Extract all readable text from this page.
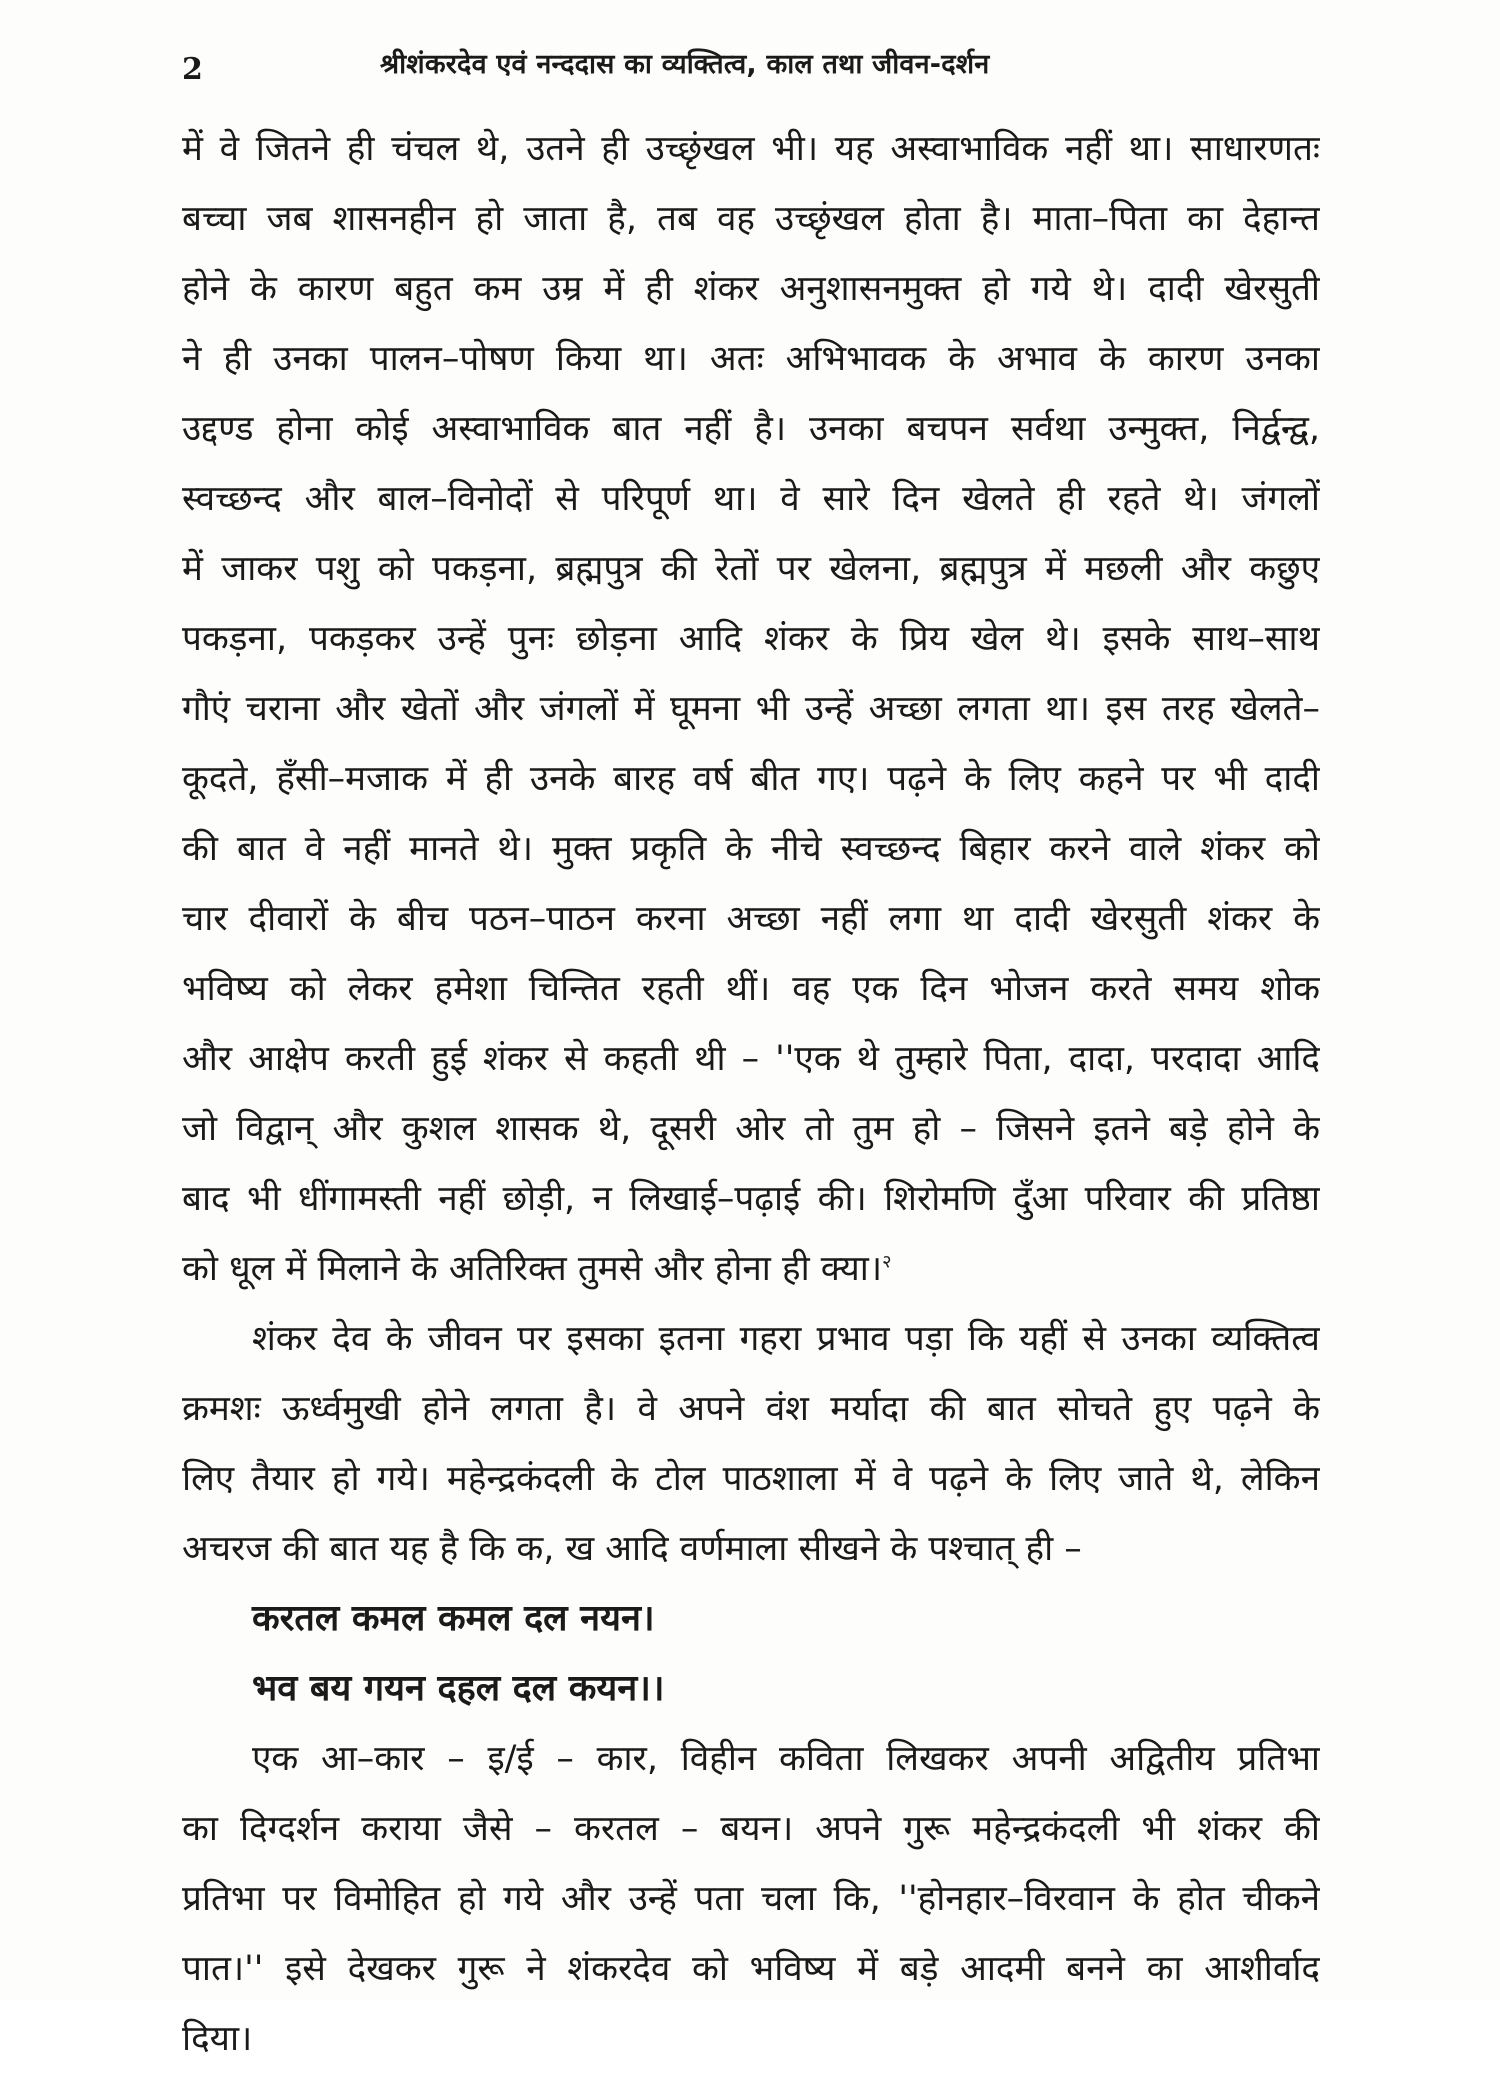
2	श्रीशंकरदेव एवं नन्ददास का व्यक्तित्व, काल तथा जीवन-दर्शन
में वे जितने ही चंचल थे, उतने ही उच्छृंखल भी। यह अस्वाभाविक नहीं था। साधारणतः
बच्चा जब शासनहीन हो जाता है, तब वह उच्छृंखल होता है। माता–पिता का देहान्त
होने के कारण बहुत कम उम्र में ही शंकर अनुशासनमुक्त हो गये थे। दादी खेरसुती
ने ही उनका पालन–पोषण किया था। अतः अभिभावक के अभाव के कारण उनका
उद्दण्ड होना कोई अस्वाभाविक बात नहीं है। उनका बचपन सर्वथा उन्मुक्त, निर्द्वन्द्व,
स्वच्छन्द और बाल–विनोदों से परिपूर्ण था। वे सारे दिन खेलते ही रहते थे। जंगलों
में जाकर पशु को पकड़ना, ब्रह्मपुत्र की रेतों पर खेलना, ब्रह्मपुत्र में मछली और कछुए
पकड़ना, पकड़कर उन्हें पुनः छोड़ना आदि शंकर के प्रिय खेल थे। इसके साथ–साथ
गौएं चराना और खेतों और जंगलों में घूमना भी उन्हें अच्छा लगता था। इस तरह खेलते–
कूदते, हँसी–मजाक में ही उनके बारह वर्ष बीत गए। पढ़ने के लिए कहने पर भी दादी
की बात वे नहीं मानते थे। मुक्त प्रकृति के नीचे स्वच्छन्द बिहार करने वाले शंकर को
चार दीवारों के बीच पठन–पाठन करना अच्छा नहीं लगा था दादी खेरसुती शंकर के
भविष्य को लेकर हमेशा चिन्तित रहती थीं। वह एक दिन भोजन करते समय शोक
और आक्षेप करती हुई शंकर से कहती थी – ''एक थे तुम्हारे पिता, दादा, परदादा आदि
जो विद्वान् और कुशल शासक थे, दूसरी ओर तो तुम हो – जिसने इतने बड़े होने के
बाद भी धींगामस्ती नहीं छोड़ी, न लिखाई–पढ़ाई की। शिरोमणि दुँआ परिवार की प्रतिष्ठा
को धूल में मिलाने के अतिरिक्त तुमसे और होना ही क्या।$^२$
शंकर देव के जीवन पर इसका इतना गहरा प्रभाव पड़ा कि यहीं से उनका व्यक्तित्व
क्रमशः ऊर्ध्वमुखी होने लगता है। वे अपने वंश मर्यादा की बात सोचते हुए पढ़ने के
लिए तैयार हो गये। महेन्द्रकंदली के टोल पाठशाला में वे पढ़ने के लिए जाते थे, लेकिन
अचरज की बात यह है कि क, ख आदि वर्णमाला सीखने के पश्चात् ही –
करतल कमल कमल दल नयन।
भव बय गयन दहल दल कयन।।
एक आ–कार – इ/ई – कार, विहीन कविता लिखकर अपनी अद्वितीय प्रतिभा
का दिग्दर्शन कराया जैसे – करतल – बयन। अपने गुरू महेन्द्रकंदली भी शंकर की
प्रतिभा पर विमोहित हो गये और उन्हें पता चला कि, ''होनहार–विरवान के होत चीकने
पात।'' इसे देखकर गुरू ने शंकरदेव को भविष्य में बड़े आदमी बनने का आशीर्वाद
दिया।
